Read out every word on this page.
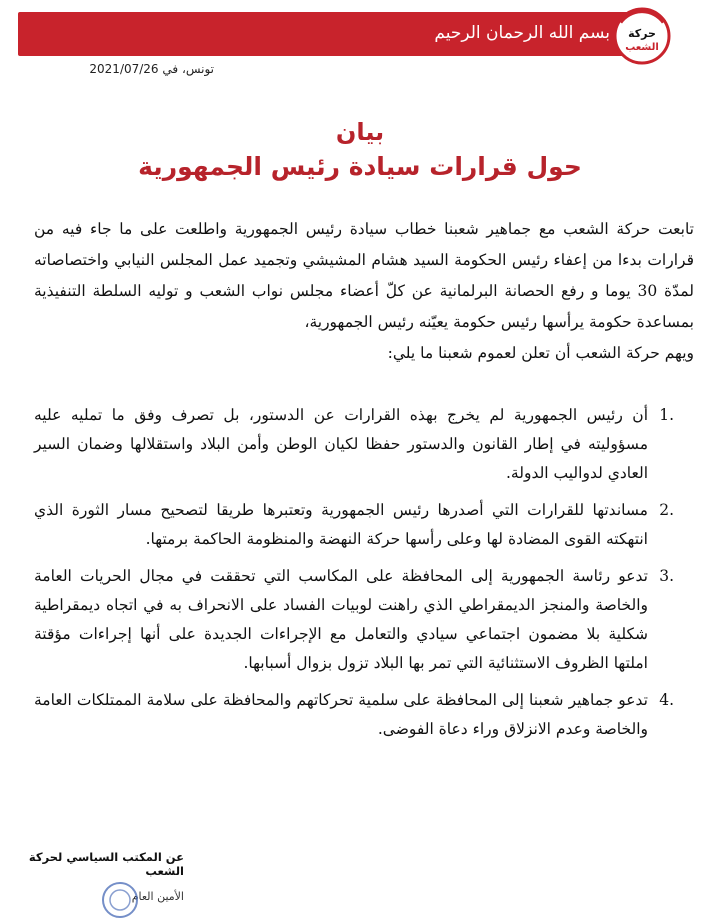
بسم الله الرحمان الرحيم حركة
الشعب
تونس، في 2021/07/26
بيان
حول قرارات سيادة رئيس الجمهورية

تابعت حركة الشعب مع جماهير شعبنا خطاب سيادة رئيس الجمهورية واطلعت على ما جاء فيه من قرارات بدءا من إعفاء رئيس الحكومة السيد هشام المشيشي وتجميد عمل المجلس النيابي واختصاصاته لمدّة 30 يوما و رفع الحصانة البرلمانية عن كلّ أعضاء مجلس نواب الشعب و توليه السلطة التنفيذية بمساعدة حكومة يرأسها رئيس حكومة يعيّنه رئيس الجمهورية،

ويهم حركة الشعب أن تعلن لعموم شعبنا ما يلي:

.1
أن رئيس الجمهورية لم يخرج بهذه القرارات عن الدستور، بل تصرف وفق ما تمليه عليه مسؤوليته في إطار القانون والدستور حفظا لكيان الوطن وأمن البلاد واستقلالها وضمان السير العادي لدواليب الدولة.
.2
مساندتها للقرارات التي أصدرها رئيس الجمهورية وتعتبرها طريقا لتصحيح مسار الثورة الذي انتهكته القوى المضادة لها وعلى رأسها حركة النهضة والمنظومة الحاكمة برمتها.
.3
تدعو رئاسة الجمهورية إلى المحافظة على المكاسب التي تحققت في مجال الحريات العامة والخاصة والمنجز الديمقراطي الذي راهنت لوبيات الفساد على الانحراف به في اتجاه ديمقراطية شكلية بلا مضمون اجتماعي سيادي والتعامل مع الإجراءات الجديدة على أنها إجراءات مؤقتة املتها الظروف الاستثنائية التي تمر بها البلاد تزول بزوال أسبابها.
.4
تدعو جماهير شعبنا إلى المحافظة على سلمية تحركاتهم والمحافظة على سلامة الممتلكات العامة والخاصة وعدم الانزلاق وراء دعاة الفوضى.
عن المكتب السياسي لحركة الشعب
الأمين العام
